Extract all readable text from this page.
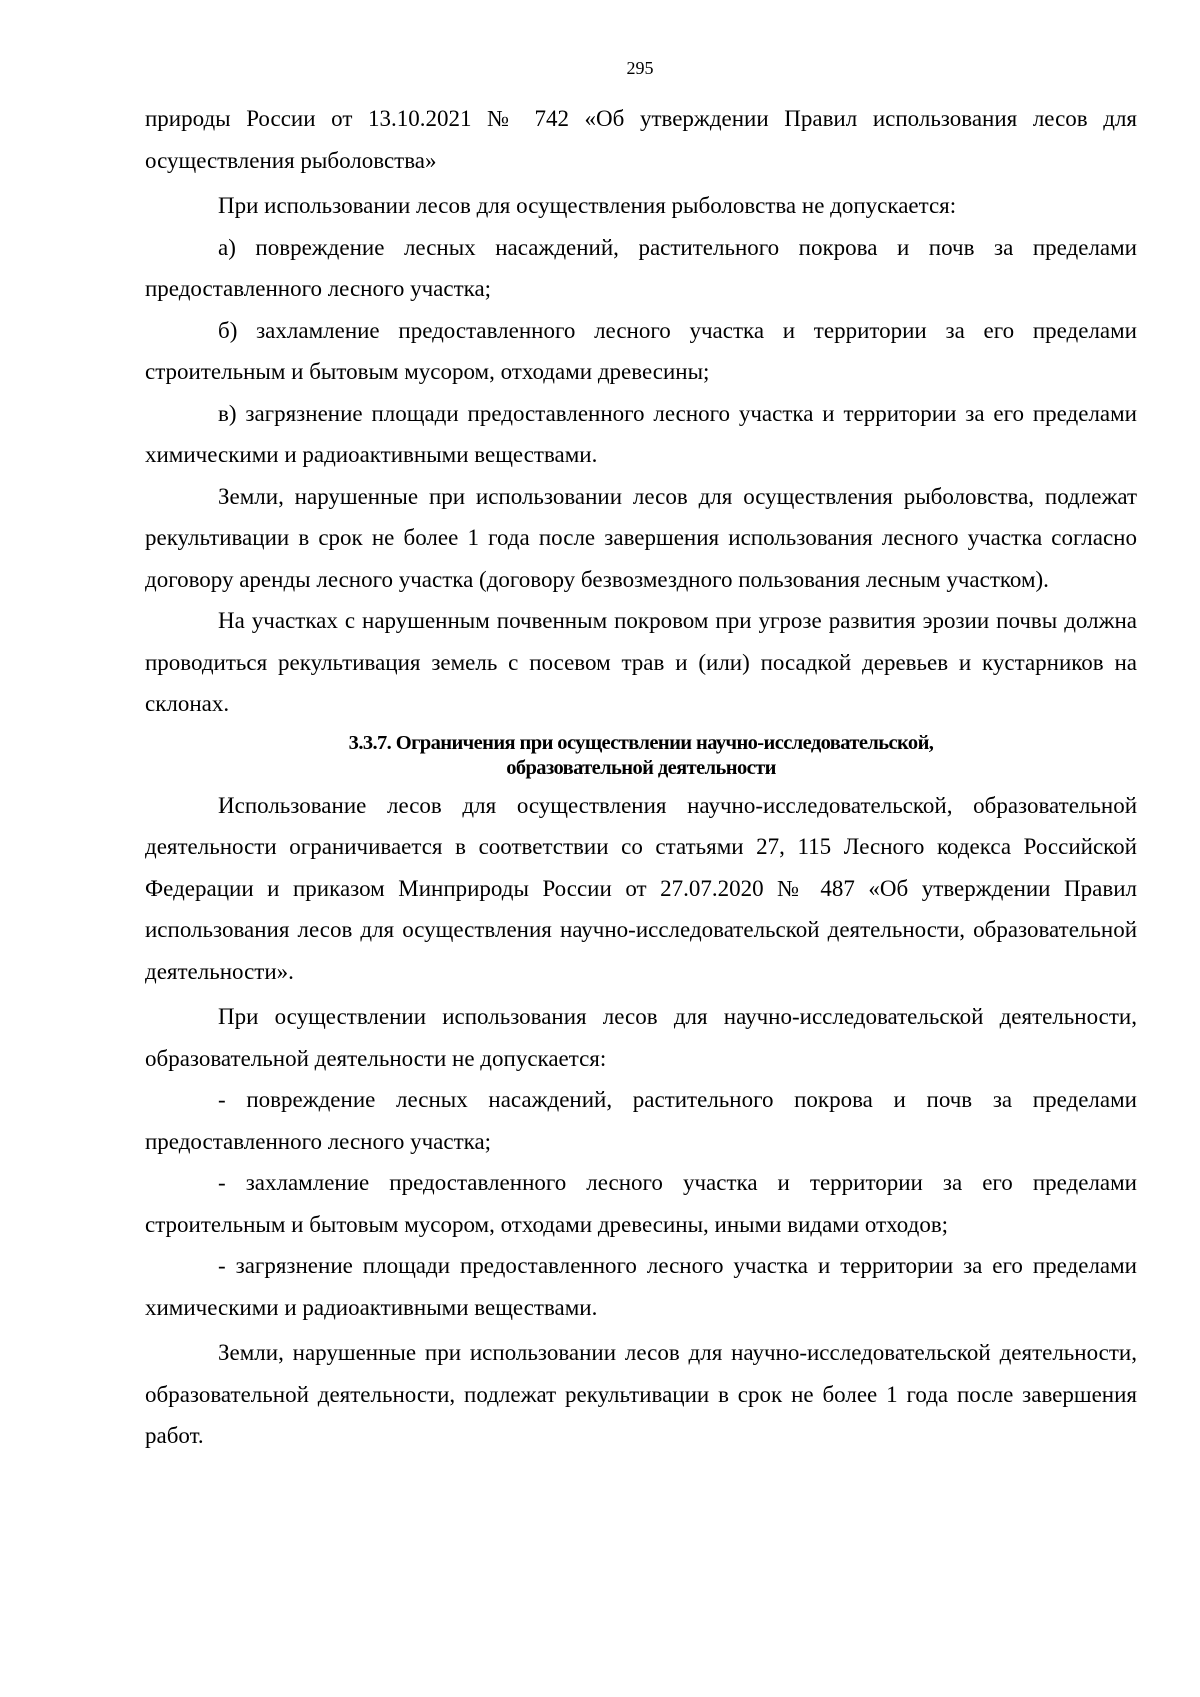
295

природы России от 13.10.2021 № 742 «Об утверждении Правил использования лесов для осуществления рыболовства»

При использовании лесов для осуществления рыболовства не допускается:

а) повреждение лесных насаждений, растительного покрова и почв за пределами предоставленного лесного участка;

б) захламление предоставленного лесного участка и территории за его пределами строительным и бытовым мусором, отходами древесины;

в) загрязнение площади предоставленного лесного участка и территории за его пределами химическими и радиоактивными веществами.

Земли, нарушенные при использовании лесов для осуществления рыболовства, подлежат рекультивации в срок не более 1 года после завершения использования лесного участка согласно договору аренды лесного участка (договору безвозмездного пользования лесным участком).

На участках с нарушенным почвенным покровом при угрозе развития эрозии почвы должна проводиться рекультивация земель с посевом трав и (или) посадкой деревьев и кустарников на склонах.

3.3.7. Ограничения при осуществлении научно-исследовательской,
образовательной деятельности

Использование лесов для осуществления научно-исследовательской, образовательной деятельности ограничивается в соответствии со статьями 27, 115 Лесного кодекса Российской Федерации и приказом Минприроды России от 27.07.2020 № 487 «Об утверждении Правил использования лесов для осуществления научно-исследовательской деятельности, образовательной деятельности».

При осуществлении использования лесов для научно-исследовательской деятельности, образовательной деятельности не допускается:

- повреждение лесных насаждений, растительного покрова и почв за пределами предоставленного лесного участка;

- захламление предоставленного лесного участка и территории за его пределами строительным и бытовым мусором, отходами древесины, иными видами отходов;

- загрязнение площади предоставленного лесного участка и территории за его пределами химическими и радиоактивными веществами.

Земли, нарушенные при использовании лесов для научно-исследовательской деятельности, образовательной деятельности, подлежат рекультивации в срок не более 1 года после завершения работ.
